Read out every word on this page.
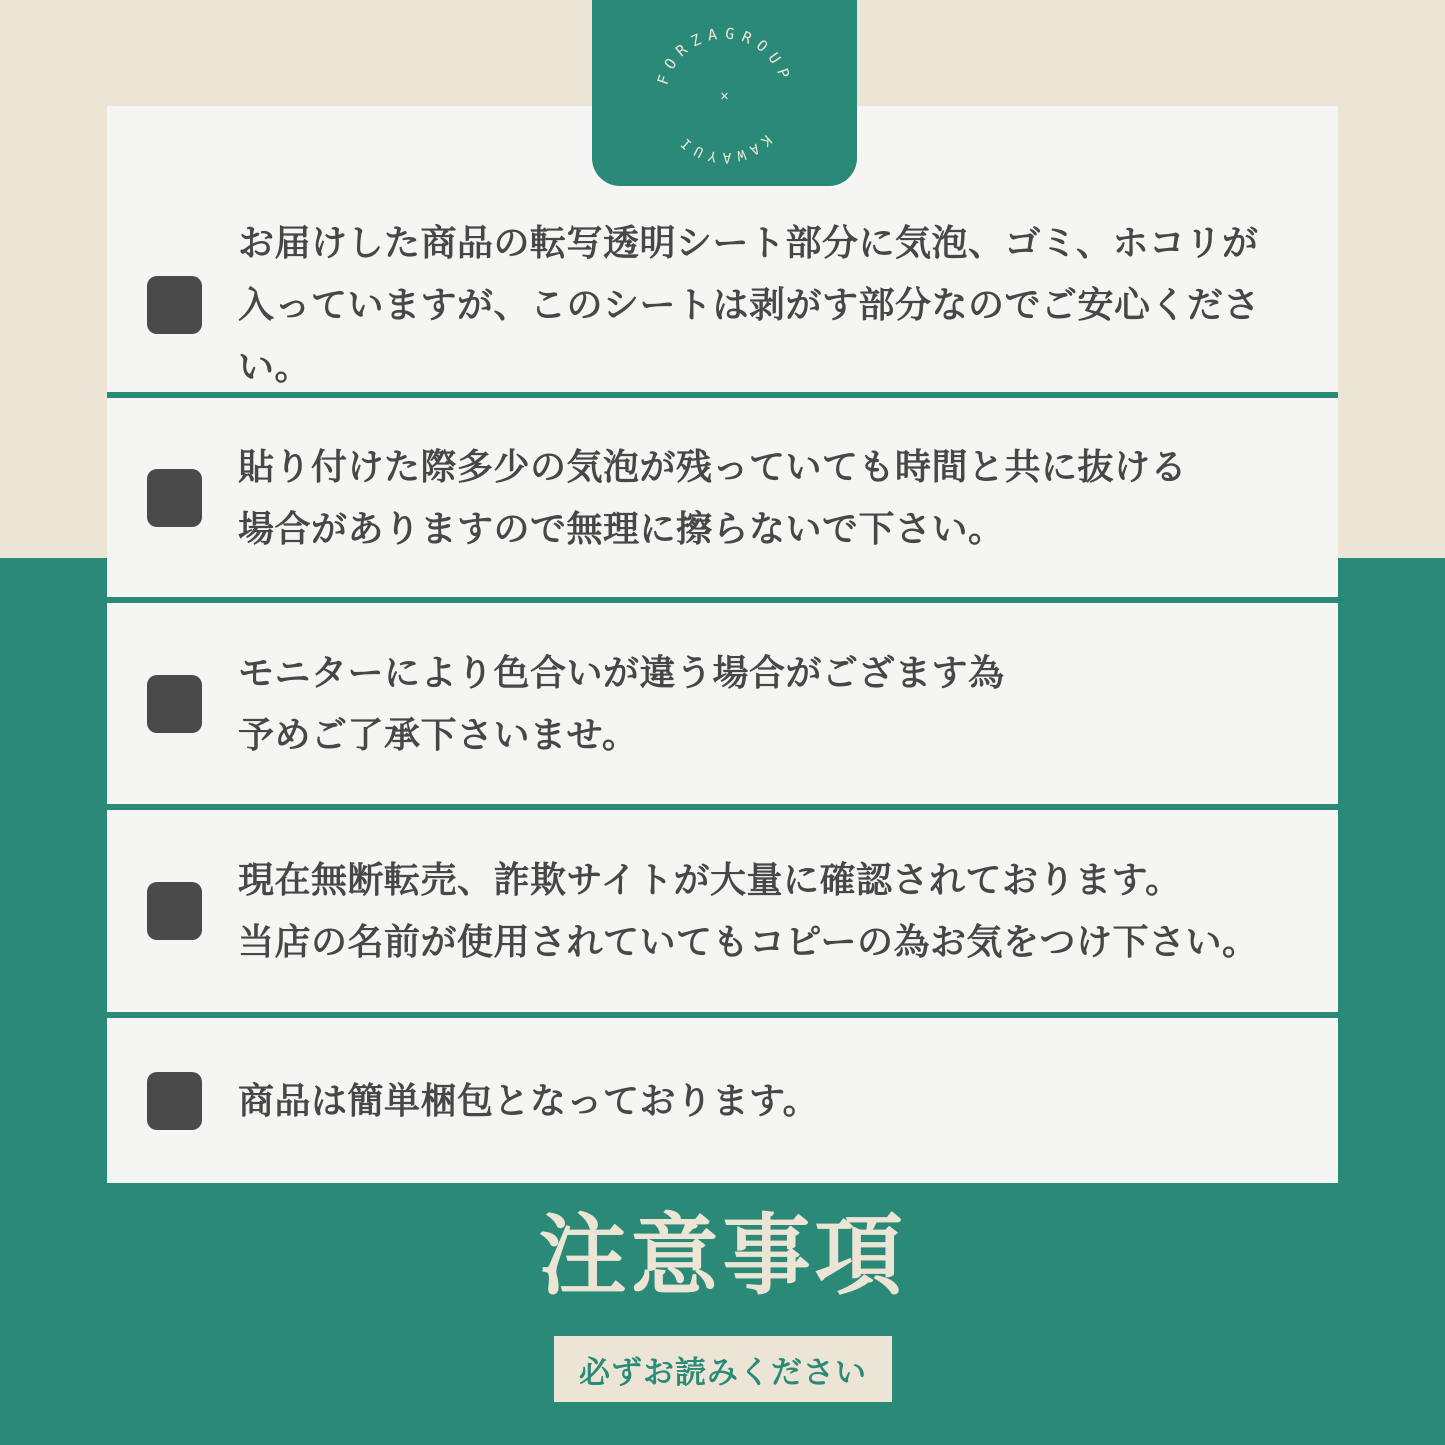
お届けした商品の転写透明シート部分に気泡、ゴミ、ホコリが
入っていますが、このシートは剥がす部分なのでご安心ください。
貼り付けた際多少の気泡が残っていても時間と共に抜ける
場合がありますので無理に擦らないで下さい。
モニターにより色合いが違う場合がござます為
予めご了承下さいませ。
現在無断転売、詐欺サイトが大量に確認されております。
当店の名前が使用されていてもコピーの為お気をつけ下さい。
商品は簡単梱包となっております。
FORZAGROUP
KAWAYUI
✕
注意事項
必ずお読みください
